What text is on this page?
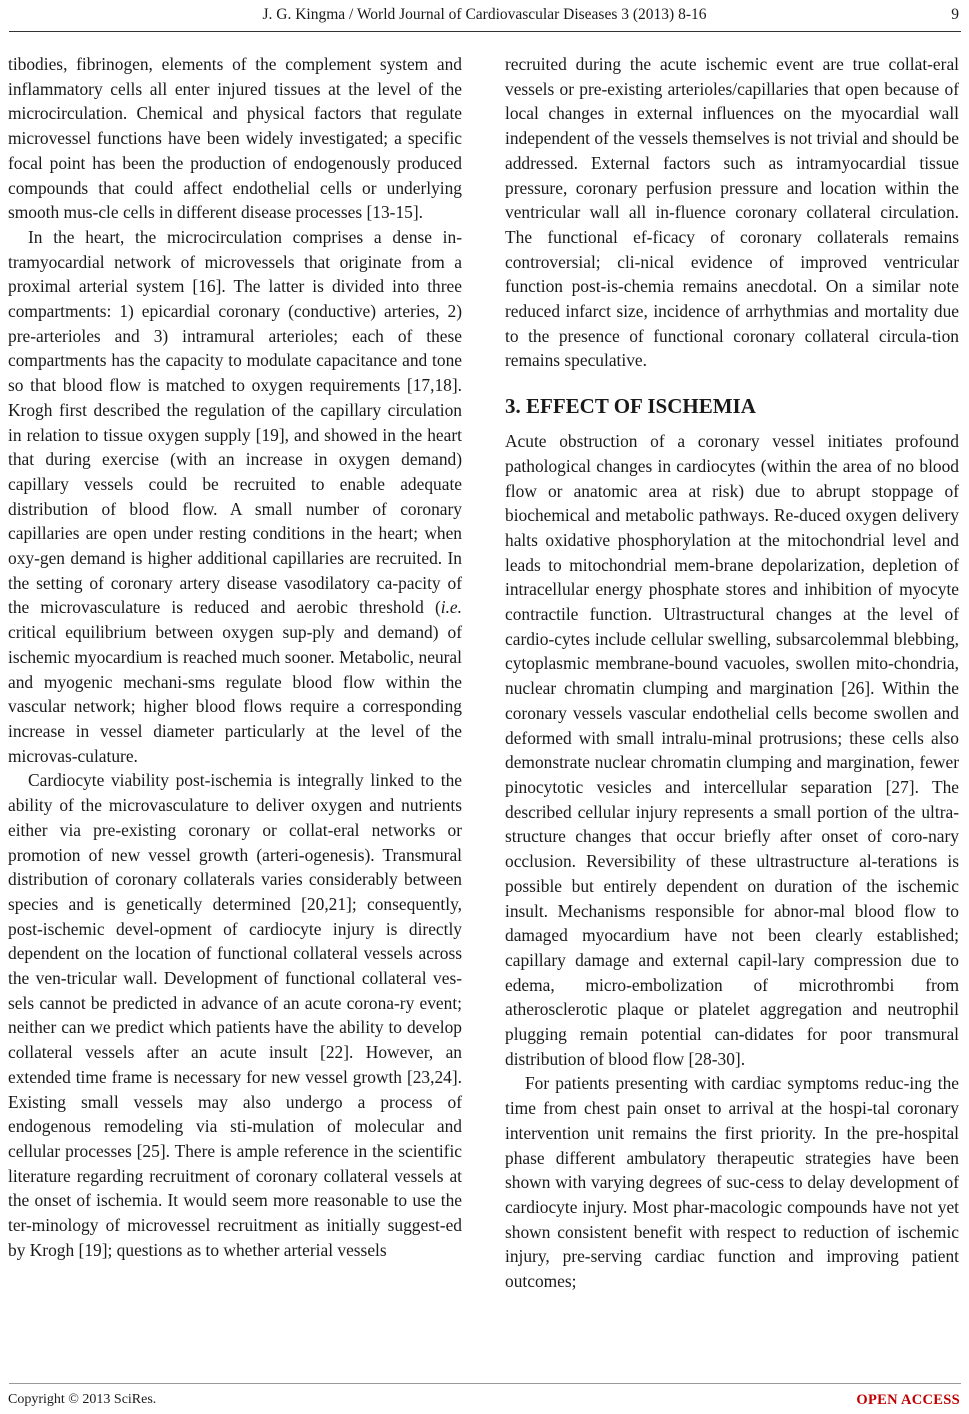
J. G. Kingma / World Journal of Cardiovascular Diseases 3 (2013) 8-16	9

tibodies, fibrinogen, elements of the complement system and inflammatory cells all enter injured tissues at the level of the microcirculation. Chemical and physical factors that regulate microvessel functions have been widely investigated; a specific focal point has been the production of endogenously produced compounds that could affect endothelial cells or underlying smooth mus-cle cells in different disease processes [13-15].

In the heart, the microcirculation comprises a dense in-tramyocardial network of microvessels that originate from a proximal arterial system [16]. The latter is divided into three compartments: 1) epicardial coronary (conductive) arteries, 2) pre-arterioles and 3) intramural arterioles; each of these compartments has the capacity to modulate capacitance and tone so that blood flow is matched to oxygen requirements [17,18]. Krogh first described the regulation of the capillary circulation in relation to tissue oxygen supply [19], and showed in the heart that during exercise (with an increase in oxygen demand) capillary vessels could be recruited to enable adequate distribution of blood flow. A small number of coronary capillaries are open under resting conditions in the heart; when oxy-gen demand is higher additional capillaries are recruited. In the setting of coronary artery disease vasodilatory ca-pacity of the microvasculature is reduced and aerobic threshold (i.e. critical equilibrium between oxygen sup-ply and demand) of ischemic myocardium is reached much sooner. Metabolic, neural and myogenic mechani-sms regulate blood flow within the vascular network; higher blood flows require a corresponding increase in vessel diameter particularly at the level of the microvas-culature.

Cardiocyte viability post-ischemia is integrally linked to the ability of the microvasculature to deliver oxygen and nutrients either via pre-existing coronary or collat-eral networks or promotion of new vessel growth (arteri-ogenesis). Transmural distribution of coronary collaterals varies considerably between species and is genetically determined [20,21]; consequently, post-ischemic devel-opment of cardiocyte injury is directly dependent on the location of functional collateral vessels across the ven-tricular wall. Development of functional collateral ves-sels cannot be predicted in advance of an acute corona-ry event; neither can we predict which patients have the ability to develop collateral vessels after an acute insult [22]. However, an extended time frame is necessary for new vessel growth [23,24]. Existing small vessels may also undergo a process of endogenous remodeling via sti-mulation of molecular and cellular processes [25]. There is ample reference in the scientific literature regarding recruitment of coronary collateral vessels at the onset of ischemia. It would seem more reasonable to use the ter-minology of microvessel recruitment as initially suggest-ed by Krogh [19]; questions as to whether arterial vessels

recruited during the acute ischemic event are true collat-eral vessels or pre-existing arterioles/capillaries that open because of local changes in external influences on the myocardial wall independent of the vessels themselves is not trivial and should be addressed. External factors such as intramyocardial tissue pressure, coronary perfusion pressure and location within the ventricular wall all in-fluence coronary collateral circulation. The functional ef-ficacy of coronary collaterals remains controversial; cli-nical evidence of improved ventricular function post-is-chemia remains anecdotal. On a similar note reduced infarct size, incidence of arrhythmias and mortality due to the presence of functional coronary collateral circula-tion remains speculative.

3. EFFECT OF ISCHEMIA

Acute obstruction of a coronary vessel initiates profound pathological changes in cardiocytes (within the area of no blood flow or anatomic area at risk) due to abrupt stoppage of biochemical and metabolic pathways. Re-duced oxygen delivery halts oxidative phosphorylation at the mitochondrial level and leads to mitochondrial mem-brane depolarization, depletion of intracellular energy phosphate stores and inhibition of myocyte contractile function. Ultrastructural changes at the level of cardio-cytes include cellular swelling, subsarcolemmal blebbing, cytoplasmic membrane-bound vacuoles, swollen mito-chondria, nuclear chromatin clumping and margination [26]. Within the coronary vessels vascular endothelial cells become swollen and deformed with small intralu-minal protrusions; these cells also demonstrate nuclear chromatin clumping and margination, fewer pinocytotic vesicles and intercellular separation [27]. The described cellular injury represents a small portion of the ultra-structure changes that occur briefly after onset of coro-nary occlusion. Reversibility of these ultrastructure al-terations is possible but entirely dependent on duration of the ischemic insult. Mechanisms responsible for abnor-mal blood flow to damaged myocardium have not been clearly established; capillary damage and external capil-lary compression due to edema, micro-embolization of microthrombi from atherosclerotic plaque or platelet aggregation and neutrophil plugging remain potential can-didates for poor transmural distribution of blood flow [28-30].

For patients presenting with cardiac symptoms reduc-ing the time from chest pain onset to arrival at the hospi-tal coronary intervention unit remains the first priority. In the pre-hospital phase different ambulatory therapeutic strategies have been shown with varying degrees of suc-cess to delay development of cardiocyte injury. Most phar-macologic compounds have not yet shown consistent benefit with respect to reduction of ischemic injury, pre-serving cardiac function and improving patient outcomes;

Copyright © 2013 SciRes.	OPEN ACCESS
